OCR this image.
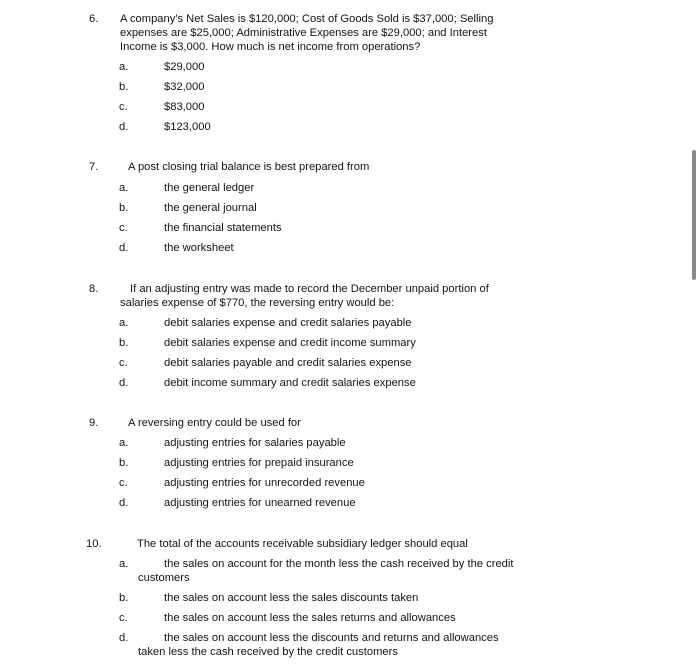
6. A company's Net Sales is $120,000; Cost of Goods Sold is $37,000; Selling expenses are $25,000; Administrative Expenses are $29,000; and Interest Income is $3,000. How much is net income from operations?
a.	$29,000
b.	$32,000
c.	$83,000
d.	$123,000
7.	A post closing trial balance is best prepared from
a.	the general ledger
b.	the general journal
c.	the financial statements
d.	the worksheet
8.	If an adjusting entry was made to record the December unpaid portion of salaries expense of $770, the reversing entry would be:
a.	debit salaries expense and credit salaries payable
b.	debit salaries expense and credit income summary
c.	debit salaries payable and credit salaries expense
d.	debit income summary and credit salaries expense
9.	A reversing entry could be used for
a.	adjusting entries for salaries payable
b.	adjusting entries for prepaid insurance
c.	adjusting entries for unrecorded revenue
d.	adjusting entries for unearned revenue
10.	The total of the accounts receivable subsidiary ledger should equal
a.	the sales on account for the month less the cash received by the credit
customers
b.	the sales on account less the sales discounts taken
c.	the sales on account less the sales returns and allowances
d.	the sales on account less the discounts and returns and allowances
taken less the cash received by the credit customers
